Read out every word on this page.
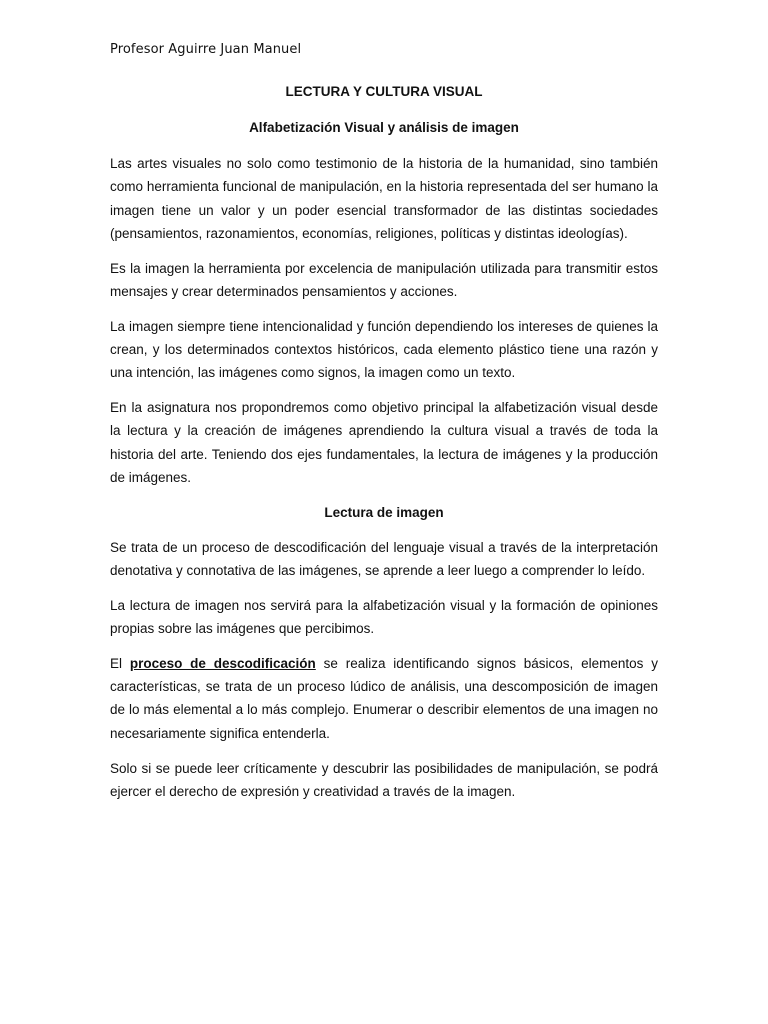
Profesor Aguirre Juan Manuel
LECTURA Y CULTURA VISUAL
Alfabetización Visual y análisis de imagen

Las artes visuales no solo como testimonio de la historia de la humanidad, sino también como herramienta funcional de manipulación, en la historia representada del ser humano la imagen tiene un valor y un poder esencial transformador de las distintas sociedades (pensamientos, razonamientos, economías, religiones, políticas y distintas ideologías).

Es la imagen la herramienta por excelencia de manipulación utilizada para transmitir estos mensajes y crear determinados pensamientos y acciones.

La imagen siempre tiene intencionalidad y función dependiendo los intereses de quienes la crean, y los determinados contextos históricos, cada elemento plástico tiene una razón y una intención, las imágenes como signos, la imagen como un texto.

En la asignatura nos propondremos como objetivo principal la alfabetización visual desde la lectura y la creación de imágenes aprendiendo la cultura visual a través de toda la historia del arte. Teniendo dos ejes fundamentales, la lectura de imágenes y la producción de imágenes.

Lectura de imagen

Se trata de un proceso de descodificación del lenguaje visual a través de la interpretación denotativa y connotativa de las imágenes, se aprende a leer luego a comprender lo leído.

La lectura de imagen nos servirá para la alfabetización visual y la formación de opiniones propias sobre las imágenes que percibimos.

El proceso de descodificación se realiza identificando signos básicos, elementos y características, se trata de un proceso lúdico de análisis, una descomposición de imagen de lo más elemental a lo más complejo. Enumerar o describir elementos de una imagen no necesariamente significa entenderla.

Solo si se puede leer críticamente y descubrir las posibilidades de manipulación, se podrá ejercer el derecho de expresión y creatividad a través de la imagen.
